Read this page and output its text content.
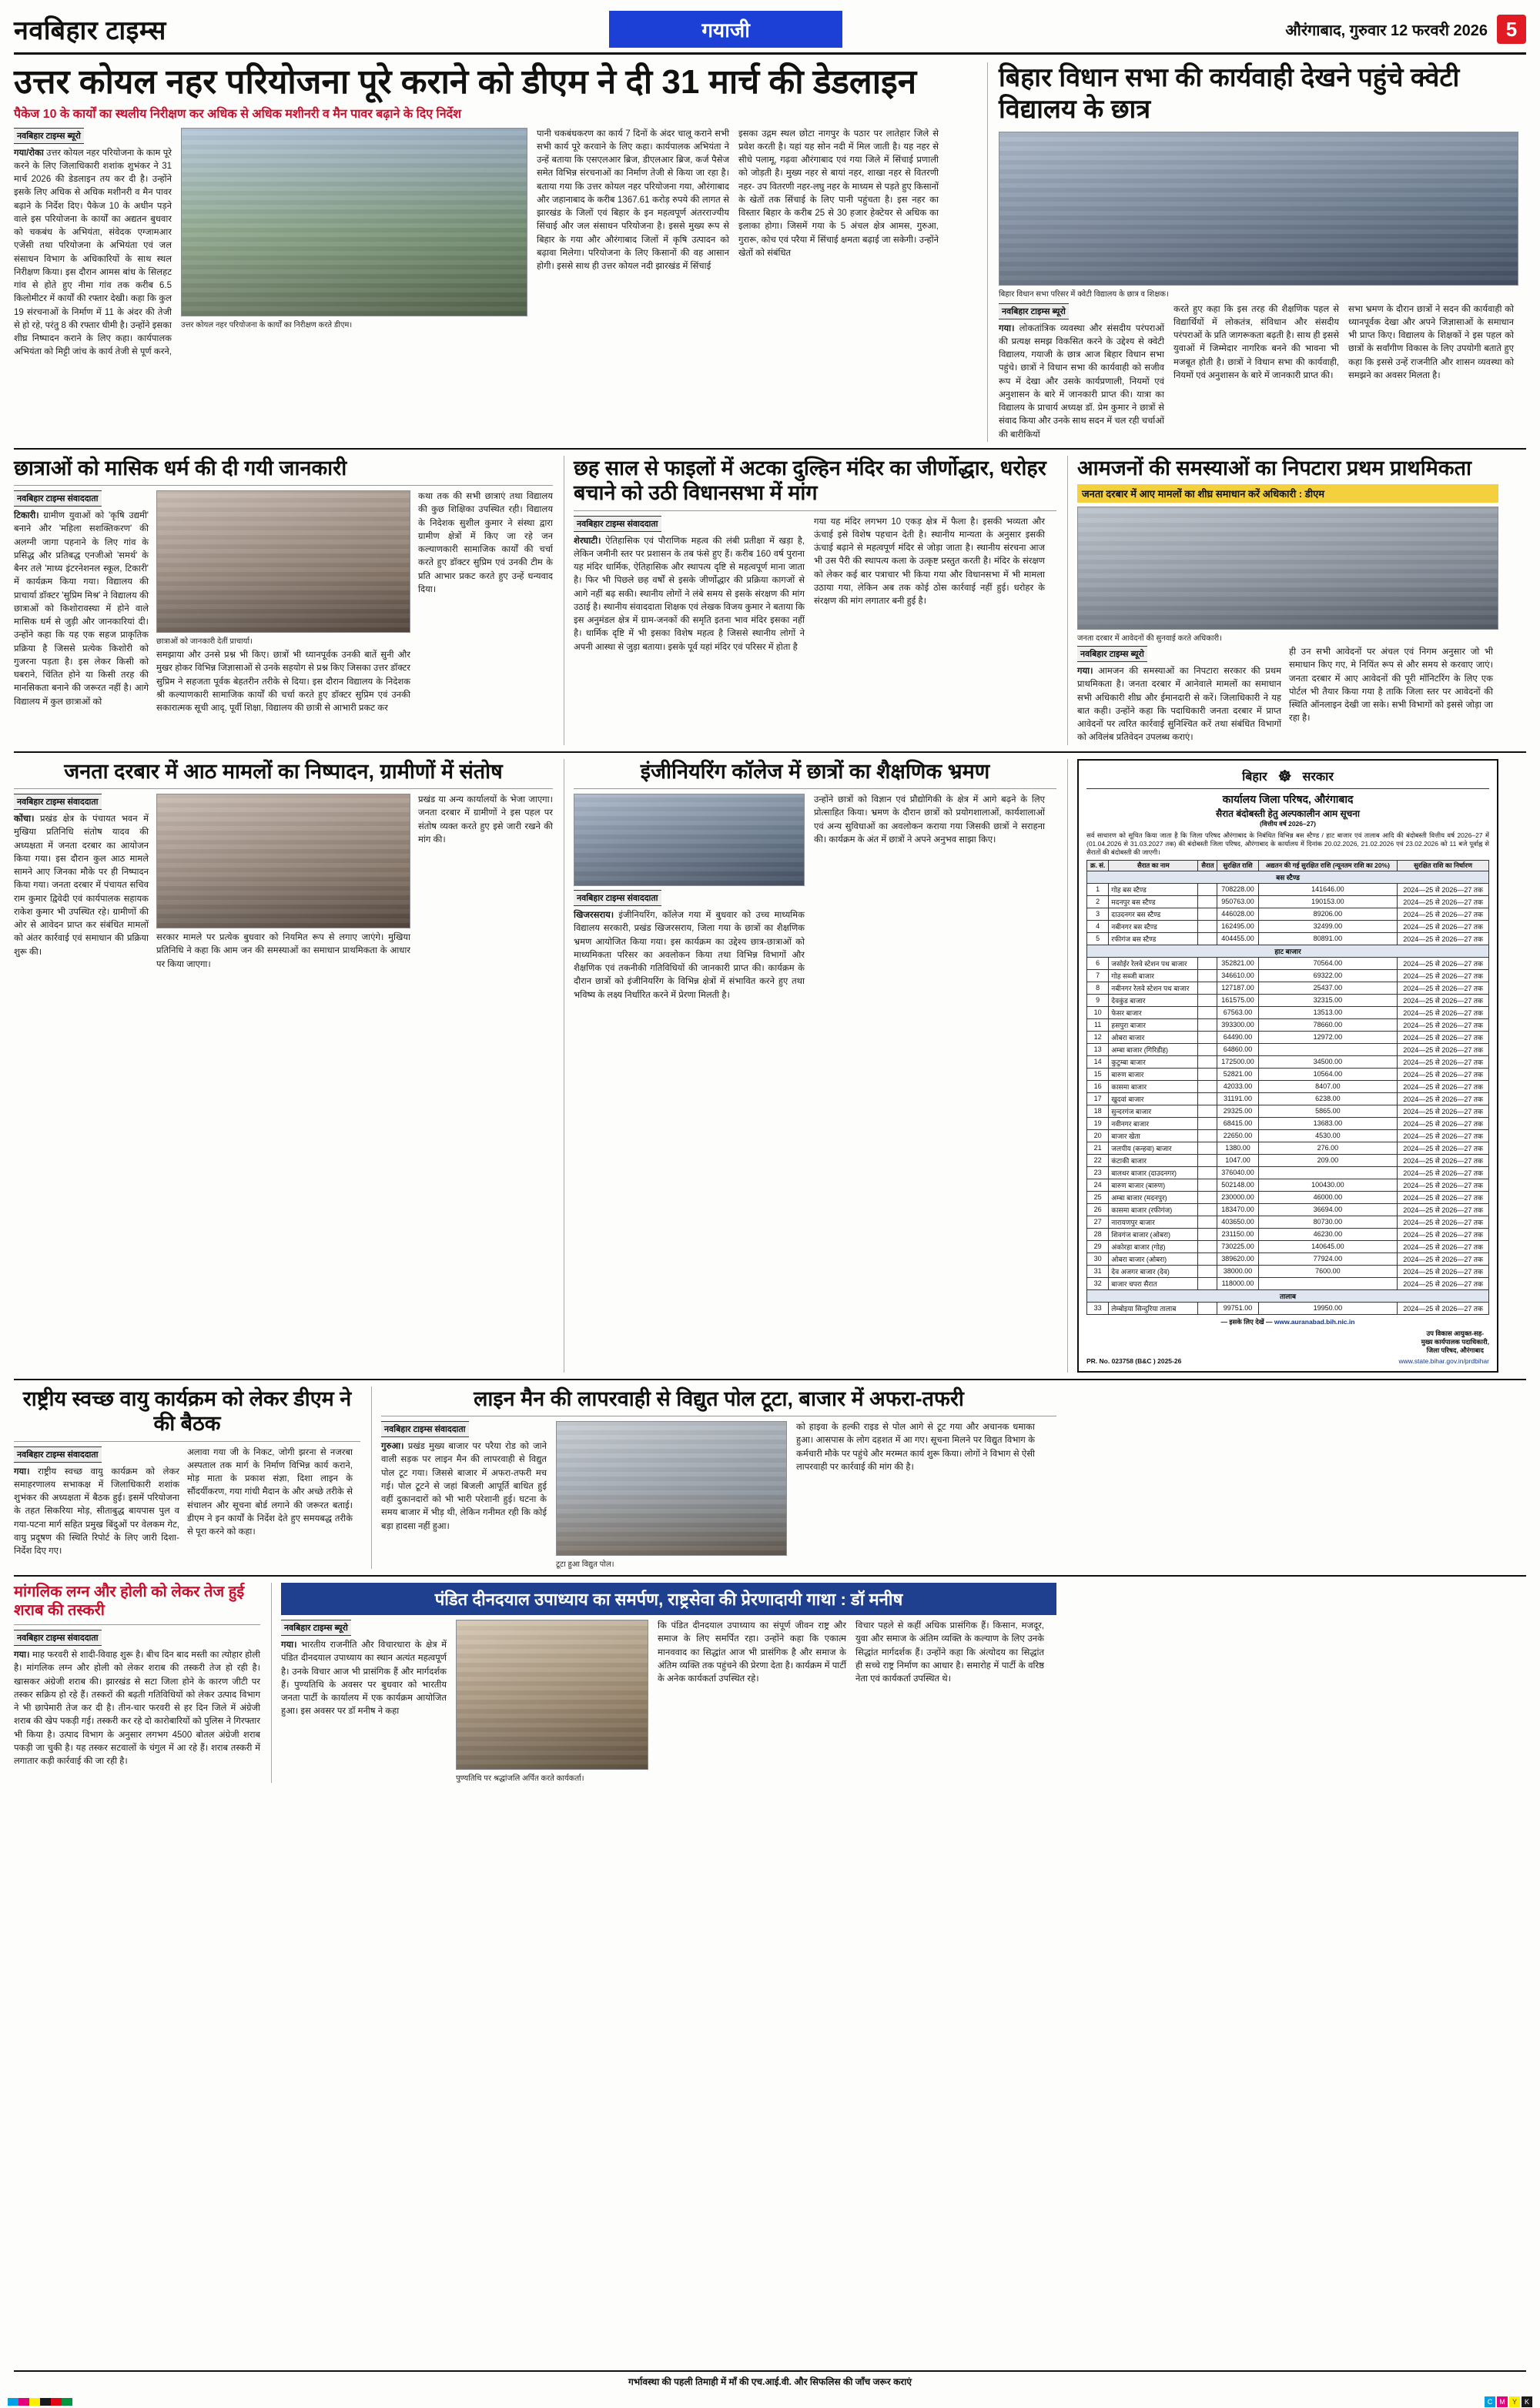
नवबिहार टाइम्स	गयाजी	औरंगाबाद, गुरुवार 12 फरवरी 2026 5
उत्तर कोयल नहर परियोजना पूरे कराने को डीएम ने दी 31 मार्च की डेडलाइन
पैकेज 10 के कार्यों का स्थलीय निरीक्षण कर अधिक से अधिक मशीनरी व मैन पावर बढ़ाने के दिए निर्देश
नवबिहार टाइम्स ब्यूरो
गया/रोका उत्तर कोयल नहर परियोजना के काम पूरे करने के लिए जिलाधिकारी शशांक शुभंकर ने 31 मार्च 2026 की डेडलाइन तय कर दी है। उन्होंने इसके लिए अधिक से अधिक मशीनरी व मैन पावर बढ़ाने के निर्देश दिए। पैकेज 10 के अधीन पड़ने वाले इस परियोजना के कार्यों का अद्यतन बुधवार को चकबंध के अभियंता, संवेदक एग्जामआर एजेंसी तथा परियोजना के अभियंता एवं जल संसाधन विभाग के अधिकारियों के साथ स्थल निरीक्षण किया। इस दौरान आमस बांध के सिलहट गांव से होते हुए नीमा गांव तक करीब 6.5 किलोमीटर में कार्यों की रफ्तार देखी। कहा कि कुल 19 संरचनाओं के निर्माण में 11 के अंदर की तेजी से हो रहे, परंतु 8 की रफ्तार धीमी है। उन्होंने इसका शीघ्र निष्पादन कराने के लिए कहा। कार्यपालक अभियंता को मिट्टी जांच के कार्य तेजी से पूर्ण करने,
उत्तर कोयल नहर परियोजना के कार्यों का निरीक्षण करते डीएम।
पानी चकबंधकरण का कार्य 7 दिनों के अंदर चालू कराने सभी सभी कार्य पूरे करवाने के लिए कहा। कार्यपालक अभियंता ने उन्हें बताया कि एसएलआर ब्रिज, डीएलआर ब्रिज, कर्ज पैसेज समेत विभिन्न संरचनाओं का निर्माण तेजी से किया जा रहा है। बताया गया कि उत्तर कोयल नहर परियोजना गया, औरंगाबाद और जहानाबाद के करीब 1367.61 करोड़ रुपये की लागत से झारखंड के जिलों एवं बिहार के इन महत्वपूर्ण अंतरराज्यीय सिंचाई और जल संसाधन परियोजना है। इससे मुख्य रूप से बिहार के गया और औरंगाबाद जिलों में कृषि उत्पादन को बढ़ावा मिलेगा। परियोजना के लिए किसानों की वह आसान होगी। इससे साथ ही उत्तर कोयल नदी झारखंड में सिंचाई
इसका उद्गम स्थल छोटा नागपुर के पठार पर लातेहार जिले से प्रवेश करती है। यहां यह सोन नदी में मिल जाती है। यह नहर से सीधे पलामू, गढ़वा औरंगाबाद एवं गया जिले में सिंचाई प्रणाली को जोड़ती है। मुख्य नहर से बायां नहर, शाखा नहर से वितरणी नहर- उप वितरणी नहर-लघु नहर के माध्यम से पड़ते हुए किसानों के खेतों तक सिंचाई के लिए पानी पहुंचता है। इस नहर का विस्तार बिहार के करीब 25 से 30 हजार हेक्टेयर से अधिक का इलाका होगा। जिसमें गया के 5 अंचल क्षेत्र आमस, गुरुआ, गुरारू, कोच एवं परैया में सिंचाई क्षमता बढ़ाई जा सकेगी। उन्होंने खेतों को संबंधित
बिहार विधान सभा की कार्यवाही देखने पहुंचे क्वेटी विद्यालय के छात्र
बिहार विधान सभा परिसर में क्वेटी विद्यालय के छात्र व शिक्षक।
नवबिहार टाइम्स ब्यूरो
गया। लोकतांत्रिक व्यवस्था और संसदीय परंपराओं की प्रत्यक्ष समझ विकसित करने के उद्देश्य से क्वेटी विद्यालय, गयाजी के छात्र आज बिहार विधान सभा पहुंचे। छात्रों ने विधान सभा की कार्यवाही को सजीव रूप में देखा और उसके कार्यप्रणाली, नियमों एवं अनुशासन के बारे में जानकारी प्राप्त की। यात्रा का विद्यालय के प्राचार्य अध्यक्ष डॉ. प्रेम कुमार ने छात्रों से संवाद किया और उनके साथ सदन में चल रही चर्चाओं की बारीकियों
करते हुए कहा कि इस तरह की शैक्षणिक पहल से विद्यार्थियों में लोकतंत्र, संविधान और संसदीय परंपराओं के प्रति जागरूकता बढ़ती है। साथ ही इससे युवाओं में जिम्मेदार नागरिक बनने की भावना भी मजबूत होती है। छात्रों ने विधान सभा की कार्यवाही, नियमों एवं अनुशासन के बारे में जानकारी प्राप्त की।
सभा भ्रमण के दौरान छात्रों ने सदन की कार्यवाही को ध्यानपूर्वक देखा और अपने जिज्ञासाओं के समाधान भी प्राप्त किए। विद्यालय के शिक्षकों ने इस पहल को छात्रों के सर्वांगीण विकास के लिए उपयोगी बताते हुए कहा कि इससे उन्हें राजनीति और शासन व्यवस्था को समझने का अवसर मिलता है।
छात्राओं को मासिक धर्म की दी गयी जानकारी
नवबिहार टाइम्स संवाददाता
टिकारी। ग्रामीण युवाओं को 'कृषि उद्यमी' बनाने और 'महिला सशक्तिकरण' की अलग्नी जागा पहनाने के लिए गांव के प्रसिद्ध और प्रतिबद्ध एनजीओ 'समर्थ' के बैनर तले 'माध्य इंटरनेशनल स्कूल, टिकारी' में कार्यक्रम किया गया। विद्यालय की प्राचार्या डॉक्टर 'सुप्रिम मिश्र' ने विद्यालय की छात्राओं को किशोरावस्था में होने वाले मासिक धर्म से जुड़ी और जानकारियां दी। उन्होंने कहा कि यह एक सहज प्राकृतिक प्रक्रिया है जिससे प्रत्येक किशोरी को गुजरना पड़ता है। इस लेकर किसी को घबराने, चिंतित होने या किसी तरह की मानसिकता बनाने की जरूरत नहीं है। आगे विद्यालय में कुल छात्राओं को
छात्राओं को जानकारी देतीं प्राचार्या।
समझाया और उनसे प्रश्न भी किए। छात्रों भी ध्यानपूर्वक उनकी बातें सुनी और मुखर होकर विभिन्न जिज्ञासाओं से उनके सहयोग से प्रश्न किए जिसका उत्तर डॉक्टर सुप्रिम ने सहजता पूर्वक बेहतरीन तरीके से दिया। इस दौरान विद्यालय के निदेशक श्री कल्याणकारी सामाजिक कार्यों की चर्चा करते हुए डॉक्टर सुप्रिम एवं उनकी सकारात्मक सूची आदृ, पूर्वी शिक्षा, विद्यालय की छात्री से आभारी प्रकट कर
कथा तक की सभी छात्राएं तथा विद्यालय की कुछ शिक्षिका उपस्थित रही। विद्यालय के निदेशक सुशील कुमार ने संस्था द्वारा ग्रामीण क्षेत्रों में किए जा रहे जन कल्याणकारी सामाजिक कार्यों की चर्चा करते हुए डॉक्टर सुप्रिम एवं उनकी टीम के प्रति आभार प्रकट करते हुए उन्हें धन्यवाद दिया।
छह साल से फाइलों में अटका दुल्हिन मंदिर का जीर्णोद्धार, धरोहर बचाने को उठी विधानसभा में मांग
नवबिहार टाइम्स संवाददाता
शेरघाटी। ऐतिहासिक एवं पौराणिक महत्व की लंबी प्रतीक्षा में खड़ा है, लेकिन जमीनी स्तर पर प्रशासन के तब फंसे हुए हैं। करीब 160 वर्ष पुराना यह मंदिर धार्मिक, ऐतिहासिक और स्थापत्य दृष्टि से महत्वपूर्ण माना जाता है। फिर भी पिछले छह वर्षों से इसके जीर्णोद्धार की प्रक्रिया कागजों से आगे नहीं बढ़ सकी। स्थानीय लोगों ने लंबे समय से इसके संरक्षण की मांग उठाई है। स्थानीय संवाददाता शिक्षक एवं लेखक विजय कुमार ने बताया कि इस अनुमंडल क्षेत्र में ग्राम-जनकों की समृति इतना भाव मंदिर इसका नहीं है। धार्मिक दृष्टि में भी इसका विशेष महत्व है जिससे स्थानीय लोगों ने अपनी आस्था से जुड़ा बताया। इसके पूर्व यहां मंदिर एवं परिसर में होता है
गया यह मंदिर लगभग 10 एकड़ क्षेत्र में फैला है। इसकी भव्यता और ऊंचाई इसे विशेष पहचान देती है। स्थानीय मान्यता के अनुसार इसकी ऊंचाई बढ़ाने से महत्वपूर्ण मंदिर से जोड़ा जाता है। स्थानीय संरचना आज भी उस पैरी की स्थापत्य कला के उत्कृष्ट प्रस्तुत करती है। मंदिर के संरक्षण को लेकर कई बार पत्राचार भी किया गया और विधानसभा में भी मामला उठाया गया, लेकिन अब तक कोई ठोस कार्रवाई नहीं हुई। धरोहर के संरक्षण की मांग लगातार बनी हुई है।
आमजनों की समस्याओं का निपटारा प्रथम प्राथमिकता
जनता दरबार में आए मामलों का शीघ्र समाधान करें अधिकारी : डीएम
जनता दरबार में आवेदनों की सुनवाई करते अधिकारी।
नवबिहार टाइम्स ब्यूरो
गया। आमजन की समस्याओं का निपटारा सरकार की प्रथम प्राथमिकता है। जनता दरबार में आनेवाले मामलों का समाधान सभी अधिकारी शीघ्र और ईमानदारी से करें। जिलाधिकारी ने यह बात कही। उन्होंने कहा कि पदाधिकारी जनता दरबार में प्राप्त आवेदनों पर त्वरित कार्रवाई सुनिश्चित करें तथा संबंधित विभागों को अविलंब प्रतिवेदन उपलब्ध कराएं।
ही उन सभी आवेदनों पर अंचल एवं निगम अनुसार जो भी समाधान किए गए, मे नियिंत रूप से और समय से करवाए जाएं। जनता दरबार में आए आवेदनों की पूरी मॉनिटरिंग के लिए एक पोर्टल भी तैयार किया गया है ताकि जिला स्तर पर आवेदनों की स्थिति ऑनलाइन देखी जा सके। सभी विभागों को इससे जोड़ा जा रहा है।
जनता दरबार में आठ मामलों का निष्पादन, ग्रामीणों में संतोष
नवबिहार टाइम्स संवाददाता
कोंचा। प्रखंड क्षेत्र के पंचायत भवन में मुखिया प्रतिनिधि संतोष यादव की अध्यक्षता में जनता दरबार का आयोजन किया गया। इस दौरान कुल आठ मामले सामने आए जिनका मौके पर ही निष्पादन किया गया। जनता दरबार में पंचायत सचिव राम कुमार द्विवेदी एवं कार्यपालक सहायक राकेश कुमार भी उपस्थित रहे। ग्रामीणों की ओर से आवेदन प्राप्त कर संबंधित मामलों को अंतर कार्रवाई एवं समाधान की प्रक्रिया शुरू की।
सरकार मामले पर प्रत्येक बुधवार को नियमित रूप से लगाए जाएंगे। मुखिया प्रतिनिधि ने कहा कि आम जन की समस्याओं का समाधान प्राथमिकता के आधार पर किया जाएगा।
प्रखंड या अन्य कार्यालयों के भेजा जाएगा। जनता दरबार में ग्रामीणों ने इस पहल पर संतोष व्यक्त करते हुए इसे जारी रखने की मांग की।
इंजीनियरिंग कॉलेज में छात्रों का शैक्षणिक भ्रमण
नवबिहार टाइम्स संवाददाता
खिजरसराय। इंजीनियरिंग, कॉलेज गया में बुधवार को उच्च माध्यमिक विद्यालय सरकारी, प्रखंड खिजरसराय, जिला गया के छात्रों का शैक्षणिक भ्रमण आयोजित किया गया। इस कार्यक्रम का उद्देश्य छात्र-छात्राओं को माध्यमिकता परिसर का अवलोकन किया तथा विभिन्न विभागों और शैक्षणिक एवं तकनीकी गतिविधियों की जानकारी प्राप्त की। कार्यक्रम के दौरान छात्रों को इंजीनियरिंग के विभिन्न क्षेत्रों में संभावित करने हुए तथा भविष्य के लक्ष्य निर्धारित करने में प्रेरणा मिलती है।
उन्होंने छात्रों को विज्ञान एवं प्रौद्योगिकी के क्षेत्र में आगे बढ़ने के लिए प्रोत्साहित किया। भ्रमण के दौरान छात्रों को प्रयोगशालाओं, कार्यशालाओं एवं अन्य सुविधाओं का अवलोकन कराया गया जिसकी छात्रों ने सराहना की। कार्यक्रम के अंत में छात्रों ने अपने अनुभव साझा किए।
बिहार ☸ सरकार
कार्यालय जिला परिषद, औरंगाबाद
सैरात बंदोबस्ती हेतु अल्पकालीन आम सूचना
(वित्तीय वर्ष 2026–27)
सर्व साधारण को सूचित किया जाता है कि जिला परिषद औरंगाबाद के निबंधित विभिन्न बस स्टैण्ड / हाट बाजार एवं तालाब आदि की बंदोबस्ती वित्तीय वर्ष 2026–27 में (01.04.2026 से 31.03.2027 तक) की बंदोबस्ती जिला परिषद, औरंगाबाद के कार्यालय में दिनांक 20.02.2026, 21.02.2026 एवं 23.02.2026 को 11 बजे पूर्वाह्न से सैरातों की बंदोबस्ती की जाएगी।
क्र. सं.	सैरात का नाम	सैरात	सुरक्षित राशि	अद्यतन की गई सुरक्षित राशि (न्यूनतम राशि का 20%)	सुरक्षित राशि का निर्धारण
बस स्टैण्ड					
1	गोह बस स्टैण्ड		708228.00	141646.00	2024—25 से 2026—27 तक
2	मदनपुर बस स्टैण्ड		950763.00	190153.00	2024—25 से 2026—27 तक
3	दाउदनगर बस स्टैण्ड		446028.00	89206.00	2024—25 से 2026—27 तक
4	नबीनगर बस स्टैण्ड		162495.00	32499.00	2024—25 से 2026—27 तक
5	रफीगंज बस स्टैण्ड		404455.00	80891.00	2024—25 से 2026—27 तक
हाट बाजार					
6	जसोईर रेलवे स्टेशन पथ बाजार		352821.00	70564.00	2024—25 से 2026—27 तक
7	गोह सब्जी बाजार		346610.00	69322.00	2024—25 से 2026—27 तक
8	नबीनगर रेलवे स्टेशन पथ बाजार		127187.00	25437.00	2024—25 से 2026—27 तक
9	देवकुंड बाजार		161575.00	32315.00	2024—25 से 2026—27 तक
10	फेसर बाजार		67563.00	13513.00	2024—25 से 2026—27 तक
11	हसपुरा बाजार		393300.00	78660.00	2024—25 से 2026—27 तक
12	ओबरा बाजार		64490.00	12972.00	2024—25 से 2026—27 तक
13	अम्बा बाजार (गिरिडीह)		64860.00		2024—25 से 2026—27 तक
14	कुटुम्बा बाजार		172500.00	34500.00	2024—25 से 2026—27 तक
15	बारुण बाजार		52821.00	10564.00	2024—25 से 2026—27 तक
16	कासमा बाजार		42033.00	8407.00	2024—25 से 2026—27 तक
17	खुदवां बाजार		31191.00	6238.00	2024—25 से 2026—27 तक
18	सुन्दरगंज बाजार		29325.00	5865.00	2024—25 से 2026—27 तक
19	नवीनगर बाजार		68415.00	13683.00	2024—25 से 2026—27 तक
20	बाजार खेता		22650.00	4530.00	2024—25 से 2026—27 तक
21	जलपीय (कन्हवा) बाजार		1380.00	276.00	2024—25 से 2026—27 तक
22	कंटाकी बाजार		1047.00	209.00	2024—25 से 2026—27 तक
23	बालथर बाजार (दाउदनगर)		376040.00		2024—25 से 2026—27 तक
24	बारुण बाजार (बारुण)		502148.00	100430.00	2024—25 से 2026—27 तक
25	अम्बा बाजार (मदनपुर)		230000.00	46000.00	2024—25 से 2026—27 तक
26	कासमा बाजार (रफीगंज)		183470.00	36694.00	2024—25 से 2026—27 तक
27	नारायणपुर बाजार		403650.00	80730.00	2024—25 से 2026—27 तक
28	शिवगंज बाजार (ओबरा)		231150.00	46230.00	2024—25 से 2026—27 तक
29	अंकोरहा बाजार (गोह)		730225.00	140645.00	2024—25 से 2026—27 तक
30	ओबरा बाजार (ओबरा)		389620.00	77924.00	2024—25 से 2026—27 तक
31	देव अजगर बाजार (देव)		38000.00	7600.00	2024—25 से 2026—27 तक
32	बाजार चपरा सैरात		118000.00		2024—25 से 2026—27 तक
तालाब					
33	लेम्बोइया सिन्दुरिया तालाब		99751.00	19950.00	2024—25 से 2026—27 तक
— इसके लिए देखें — www.auranabad.bih.nic.in
उप विकास आयुक्त-सह-
मुख्य कार्यपालक पदाधिकारी,
जिला परिषद, औरंगाबाद
PR. No. 023758 (B&C ) 2025-26	www.state.bihar.gov.in/prdbihar
राष्ट्रीय स्वच्छ वायु कार्यक्रम को लेकर डीएम ने की बैठक
नवबिहार टाइम्स संवाददाता
गया। राष्ट्रीय स्वच्छ वायु कार्यक्रम को लेकर समाहरणालय सभाकक्ष में जिलाधिकारी शशांक शुभंकर की अध्यक्षता में बैठक हुई। इसमें परियोजना के तहत सिकरिया मोड़, सीताबुद्ध बायपास पुल व गया-पटना मार्ग सहित प्रमुख बिंदुओं पर वेलकम गेट, वायु प्रदूषण की स्थिति रिपोर्ट के लिए जारी दिशा-निर्देश दिए गए।
अलावा गया जी के निकट, जोगी झरना से नजरबा अस्पताल तक मार्ग के निर्माण विभिन्न कार्य कराने, मोड़ माता के प्रकाश संज्ञा, दिशा लाइन के सौंदर्यीकरण, गया गांधी मैदान के और अच्छे तरीके से संचालन और सूचना बोर्ड लगाने की जरूरत बताई। डीएम ने इन कार्यों के निर्देश देते हुए समयबद्ध तरीके से पूरा करने को कहा।
लाइन मैन की लापरवाही से विद्युत पोल टूटा, बाजार में अफरा-तफरी
नवबिहार टाइम्स संवाददाता
गुरुआ। प्रखंड मुख्य बाजार पर परैया रोड को जाने वाली सड़क पर लाइन मैन की लापरवाही से विद्युत पोल टूट गया। जिससे बाजार में अफरा-तफरी मच गई। पोल टूटने से जहां बिजली आपूर्ति बाधित हुई वहीं दुकानदारों को भी भारी परेशानी हुई। घटना के समय बाजार में भीड़ थी, लेकिन गनीमत रही कि कोई बड़ा हादसा नहीं हुआ।
टूटा हुआ विद्युत पोल।
को हाइवा के हल्की राइड से पोल आगे से टूट गया और अचानक धमाका हुआ। आसपास के लोग दहशत में आ गए। सूचना मिलने पर विद्युत विभाग के कर्मचारी मौके पर पहुंचे और मरम्मत कार्य शुरू किया। लोगों ने विभाग से ऐसी लापरवाही पर कार्रवाई की मांग की है।
मांगलिक लग्न और होली को लेकर तेज हुई शराब की तस्करी
नवबिहार टाइम्स संवाददाता
गया। माह फरवरी से शादी-विवाह शुरू है। बीच दिन बाद मस्ती का त्योहार होली है। मांगलिक लग्न और होली को लेकर शराब की तस्करी तेज हो रही है। खासकर अंग्रेजी शराब की। झारखंड से सटा जिला होने के कारण जीटी पर तस्कर सक्रिय हो रहे हैं। तस्करों की बढ़ती गतिविधियों को लेकर उत्पाद विभाग ने भी छापेमारी तेज कर दी है। तीन-चार फरवरी से हर दिन जिले में अंग्रेजी शराब की खेप पकड़ी गई। तस्करी कर रहे दो कारोबारियों को पुलिस ने गिरफ्तार भी किया है। उत्पाद विभाग के अनुसार लगभग 4500 बोतल अंग्रेजी शराब पकड़ी जा चुकी है। यह तस्कर सटवालों के चंगुल में आ रहे हैं। शराब तस्करी में लगातार कड़ी कार्रवाई की जा रही है।
पंडित दीनदयाल उपाध्याय का समर्पण, राष्ट्रसेवा की प्रेरणादायी गाथा : डॉ मनीष
नवबिहार टाइम्स ब्यूरो
गया। भारतीय राजनीति और विचारधारा के क्षेत्र में पंडित दीनदयाल उपाध्याय का स्थान अत्यंत महत्वपूर्ण है। उनके विचार आज भी प्रासंगिक हैं और मार्गदर्शक हैं। पुण्यतिथि के अवसर पर बुधवार को भारतीय जनता पार्टी के कार्यालय में एक कार्यक्रम आयोजित हुआ। इस अवसर पर डॉ मनीष ने कहा
पुण्यतिथि पर श्रद्धांजलि अर्पित करते कार्यकर्ता।
कि पंडित दीनदयाल उपाध्याय का संपूर्ण जीवन राष्ट्र और समाज के लिए समर्पित रहा। उन्होंने कहा कि एकात्म मानववाद का सिद्धांत आज भी प्रासंगिक है और समाज के अंतिम व्यक्ति तक पहुंचने की प्रेरणा देता है। कार्यक्रम में पार्टी के अनेक कार्यकर्ता उपस्थित रहे।
विचार पहले से कहीं अधिक प्रासंगिक हैं। किसान, मजदूर, युवा और समाज के अंतिम व्यक्ति के कल्याण के लिए उनके सिद्धांत मार्गदर्शक हैं। उन्होंने कहा कि अंत्योदय का सिद्धांत ही सच्चे राष्ट्र निर्माण का आधार है। समारोह में पार्टी के वरिष्ठ नेता एवं कार्यकर्ता उपस्थित थे।
गर्भावस्था की पहली तिमाही में माँ की एच.आई.वी. और सिफलिस की जाँच जरूर कराएं
C	M	Y	K
